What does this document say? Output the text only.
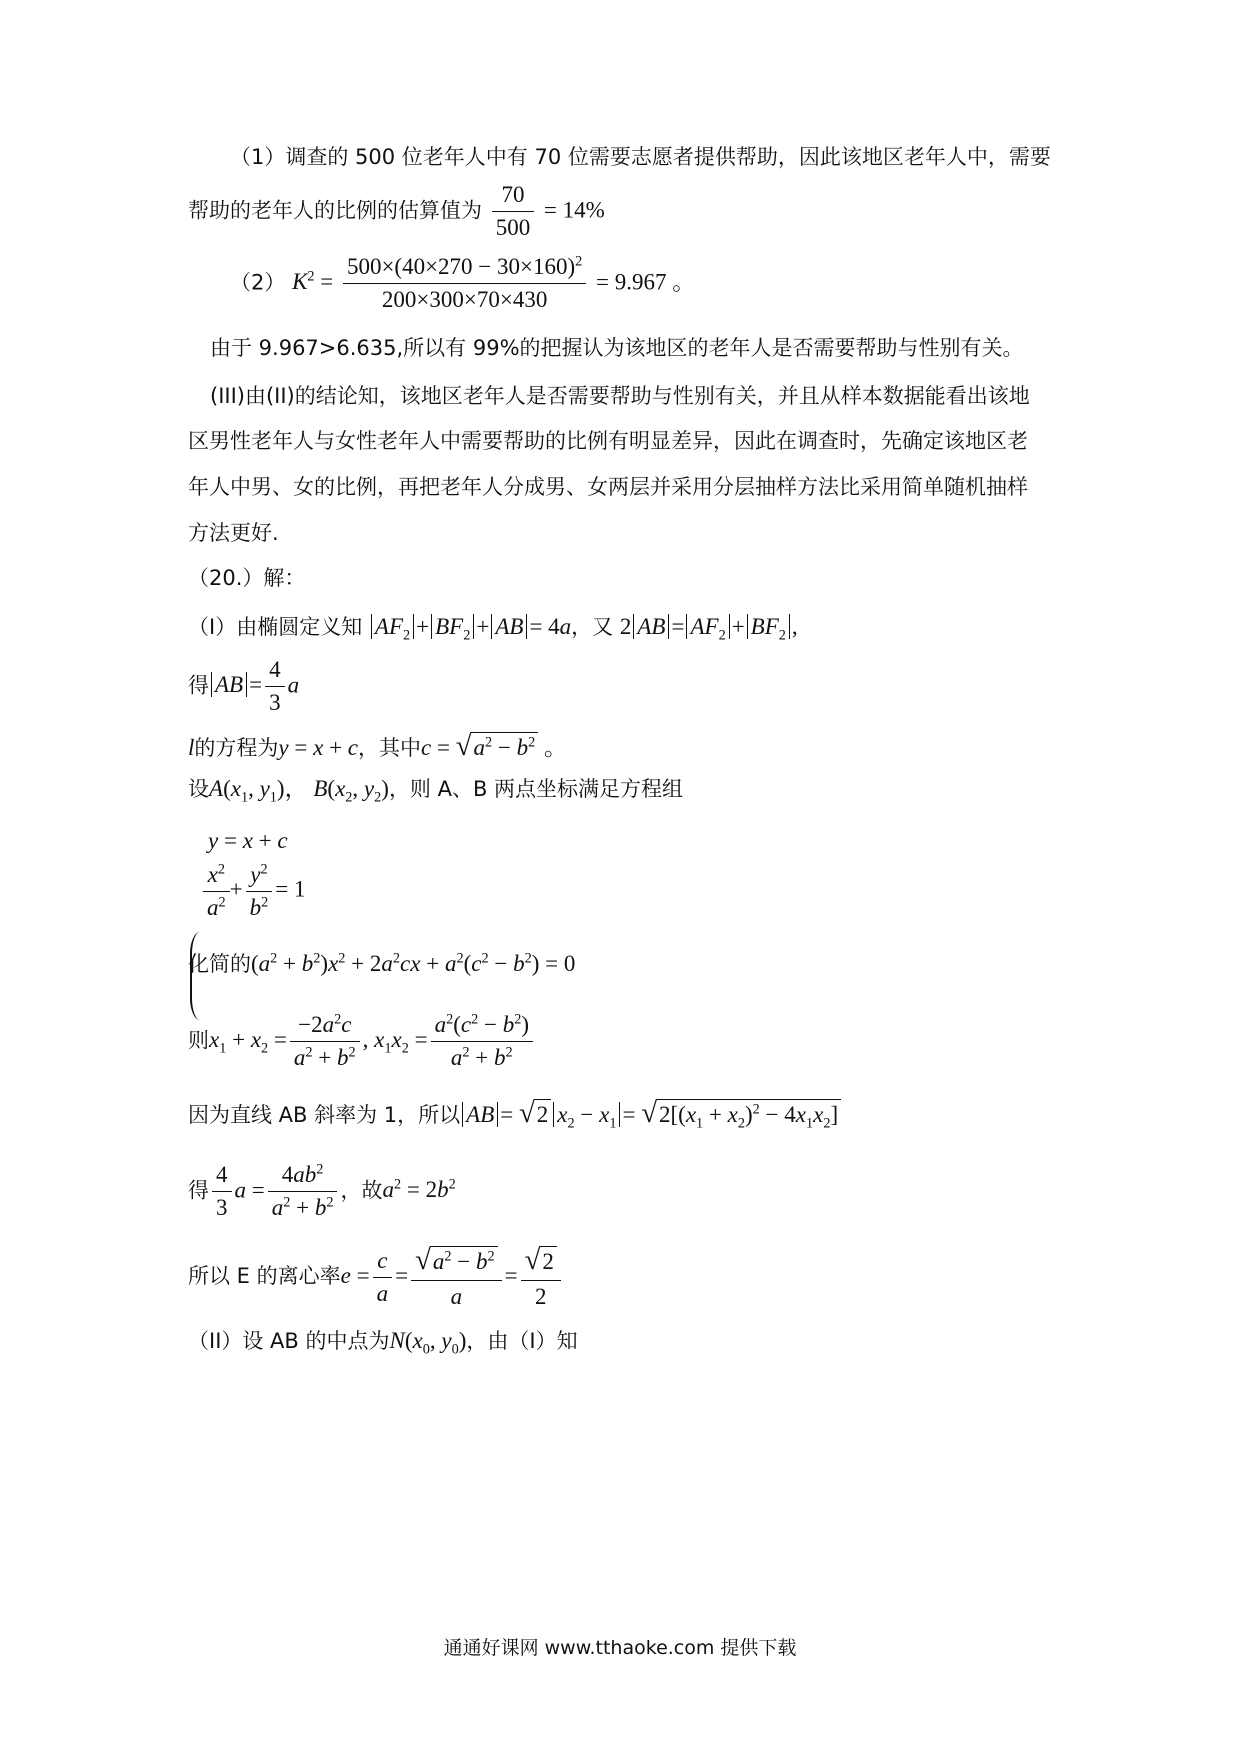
（1）调查的 500 位老年人中有 70 位需要志愿者提供帮助，因此该地区老年人中，需要
帮助的老年人的比例的估算值为 $\frac{70}{500} = 14\%$
（2） $K^2 = \frac{500\times(40\times 270 - 30\times 160)^2}{200\times 300\times 70\times 430} = 9.967$ 。
由于 9.967>6.635,所以有 99%的把握认为该地区的老年人是否需要帮助与性别有关。
(III)由(II)的结论知，该地区老年人是否需要帮助与性别有关，并且从样本数据能看出该地
区男性老年人与女性老年人中需要帮助的比例有明显差异，因此在调查时，先确定该地区老
年人中男、女的比例，再把老年人分成男、女两层并采用分层抽样方法比采用简单随机抽样
方法更好.
（20.）解：
（I）由椭圆定义知 $AF_2 + BF_2$ + AB = 4a，又 2 AB = $AF_2 + BF_2$ ,
得 AB = $\frac{4}{3}$ a
l的方程为y = x + c，其中$c = √a^2 - b^2$ 。
设$A(x_1$, $y_1$)， $B(x_2$, $y_2$)，则 A、B 两点坐标满足方程组
y = x + c
$\frac{x^2}{a^2} + \frac{y^2}{b^2} = 1$
化简的$(a^2 + b^2)x^2 + 2a^2cx + a^2(c^2 - b^2) = 0$
则$x_1 + x_2 = \frac{-2a^2c}{a^2 + b^2}$ , $x_1x_2 = \frac{a^2(c^2 - b^2)}{a^2 + b^2}$
因为直线 AB 斜率为 1，所以 AB = √2 $x_2 - x_1 = √2[(x_1 + x_2)^2 - 4x_1x_2]$
得 $\frac{4}{3}$ $a = \frac{4ab^2}{a^2 + b^2}$ ，故$a^2 = 2b^2$
所以 E 的离心率$e = \frac{c}{a} = \frac{√a^2 - b^2}{a} = \frac{√2}{2}$
（II）设 AB 的中点为$N(x_0$, $y_0$)，由（I）知
通通好课网 www.tthaoke.com 提供下载
